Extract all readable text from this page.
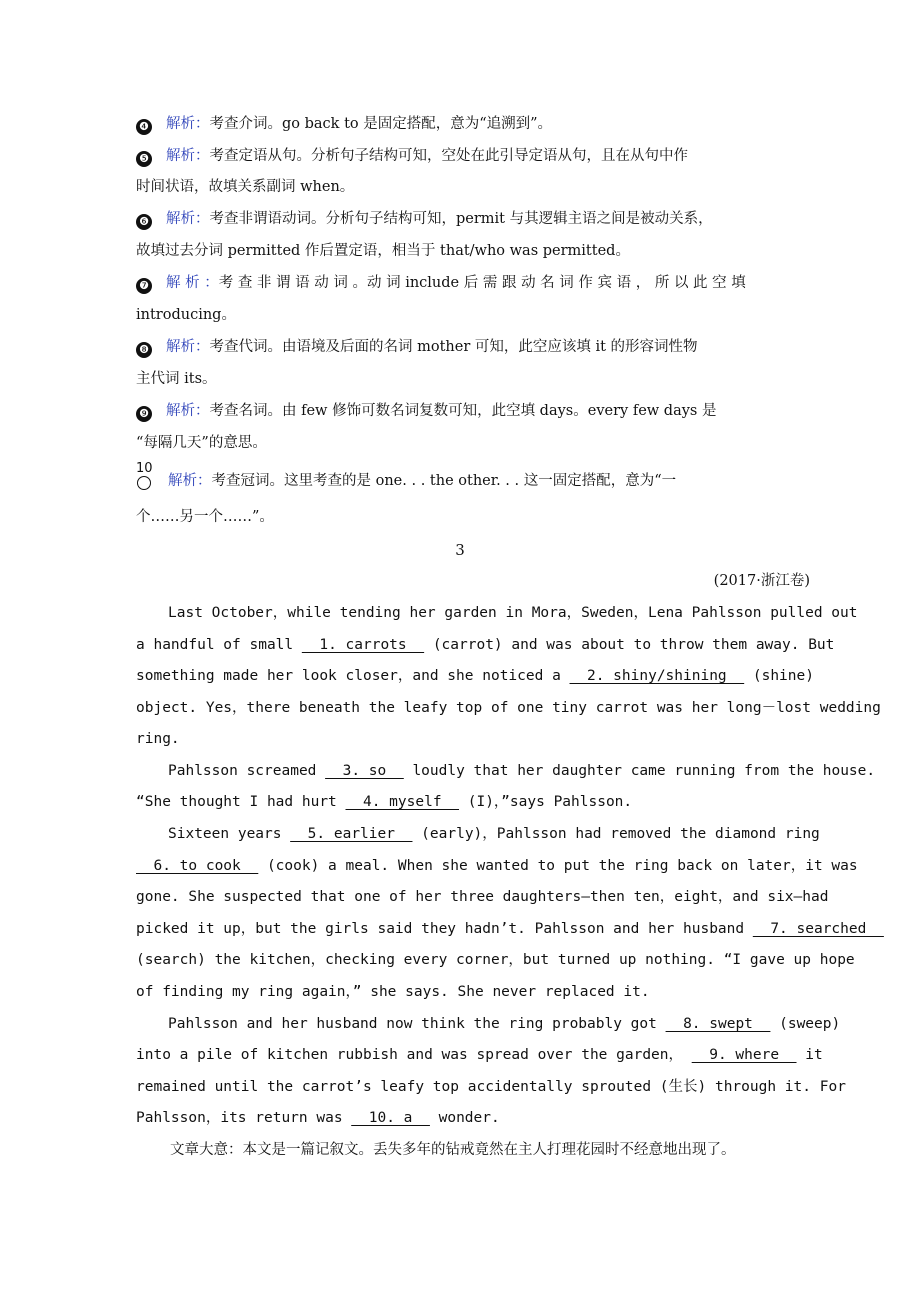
❹ 解析：考查介词。go back to 是固定搭配，意为“追溯到”。
❺ 解析：考查定语从句。分析句子结构可知，空处在此引导定语从句，且在从句中作
时间状语，故填关系副词 when。
❻ 解析：考查非谓语动词。分析句子结构可知，permit 与其逻辑主语之间是被动关系，
故填过去分词 permitted 作后置定语，相当于 that/who was permitted。
❼ 解 析 ：考 查 非 谓 语 动 词 。动 词 include 后 需 跟 动 名 词 作 宾 语 ， 所 以 此 空 填
introducing。
❽ 解析：考查代词。由语境及后面的名词 mother 可知，此空应该填 it 的形容词性物
主代词 its。
❾ 解析：考查名词。由 few 修饰可数名词复数可知，此空填 days。every few days 是
“每隔几天”的意思。
10
解析：考查冠词。这里考查的是 one. . . the other. . . 这一固定搭配，意为“一
个……另一个……”。
3
(2017·浙江卷)
Last October，while tending her garden in Mora，Sweden，Lena Pahlsson pulled out
a handful of small __1. carrots__ (carrot) and was about to throw them away. But
something made her look closer，and she noticed a __2. shiny/shining__ (shine)
object. Yes，there beneath the leafy top of one tiny carrot was her long－lost wedding
ring.
Pahlsson screamed __3. so__ loudly that her daughter came running from the house.
“She thought I had hurt __4. myself__ (I)，”says Pahlsson.
Sixteen years __5. earlier__ (early)，Pahlsson had removed the diamond ring
__6. to cook__ (cook) a meal. When she wanted to put the ring back on later，it was
gone. She suspected that one of her three daughters—then ten，eight，and six—had
picked it up，but the girls said they hadn’t. Pahlsson and her husband __7. searched__
(search) the kitchen，checking every corner，but turned up nothing. “I gave up hope
of finding my ring again，” she says. She never replaced it.
Pahlsson and her husband now think the ring probably got __8. swept__ (sweep)
into a pile of kitchen rubbish and was spread over the garden， __9. where__ it
remained until the carrot’s leafy top accidentally sprouted (生长) through it. For
Pahlsson，its return was __10. a__ wonder.
文章大意：本文是一篇记叙文。丢失多年的钻戒竟然在主人打理花园时不经意地出现了。
